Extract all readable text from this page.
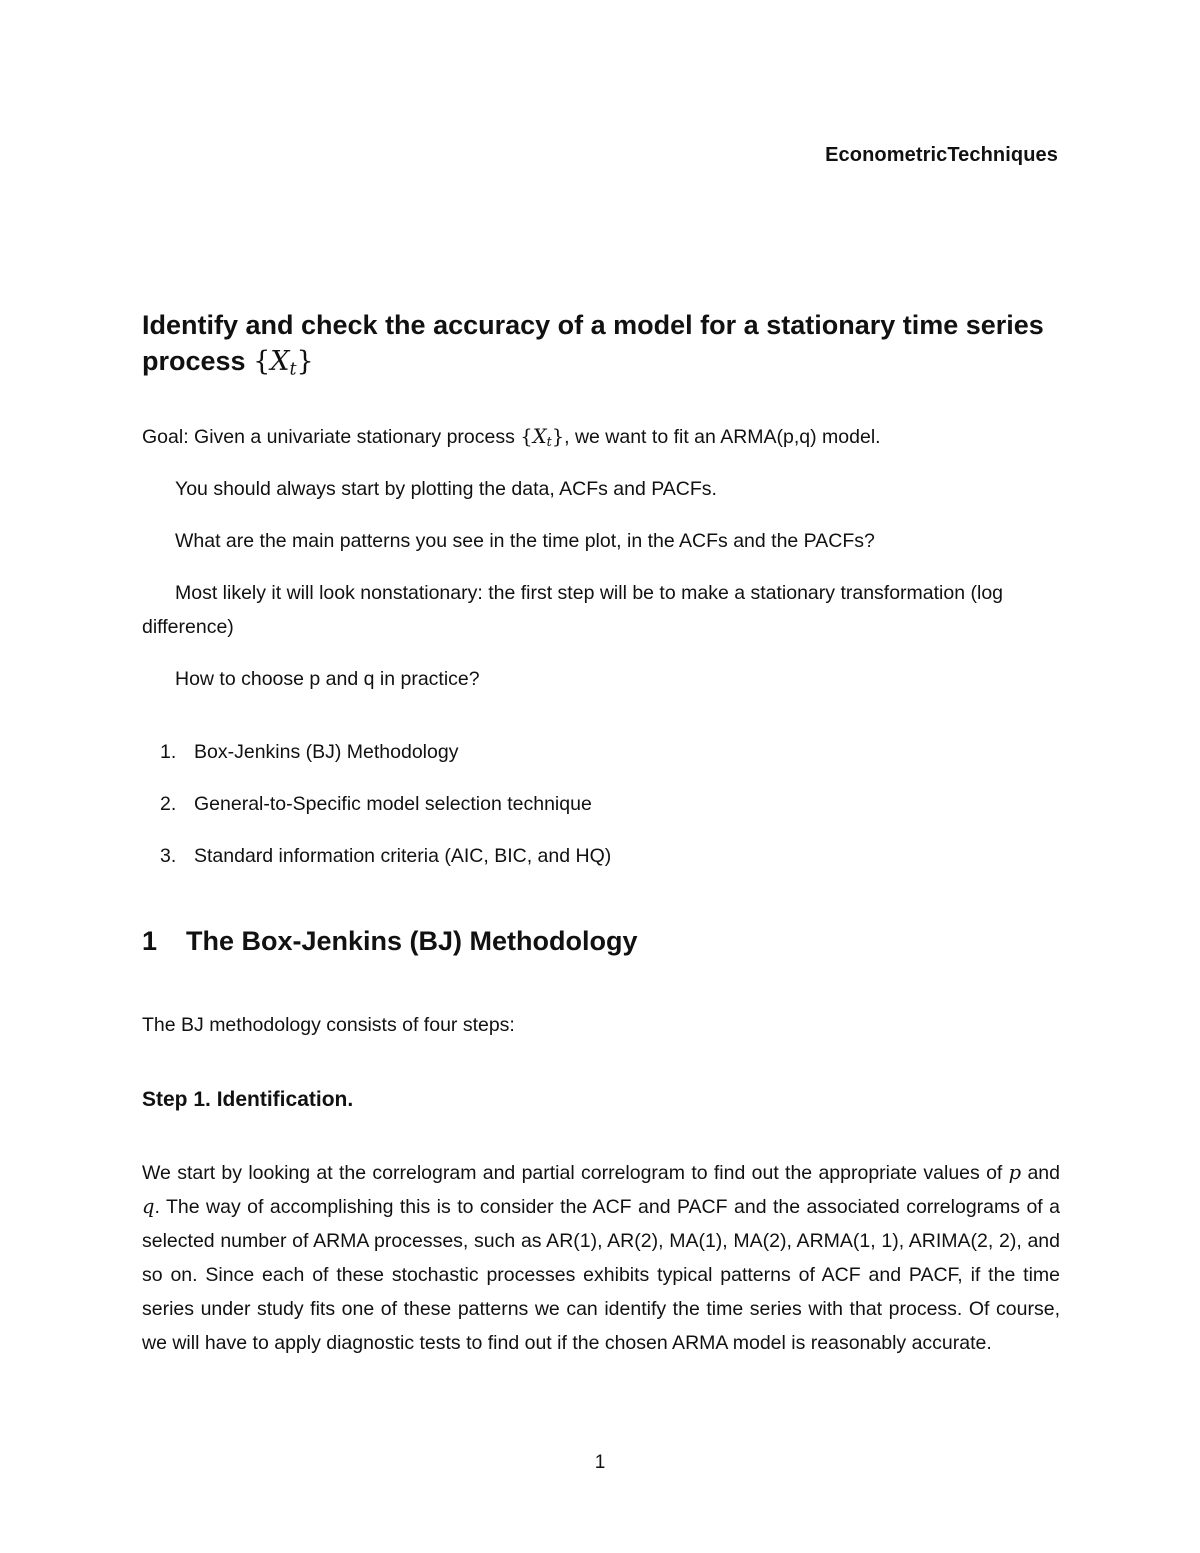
EconometricTechniques
Identify and check the accuracy of a model for a stationary time series process $\{X_t\}$

Goal: Given a univariate stationary process $\{X_t\}$, we want to fit an ARMA(p,q) model.

You should always start by plotting the data, ACFs and PACFs.

What are the main patterns you see in the time plot, in the ACFs and the PACFs?

Most likely it will look nonstationary: the first step will be to make a stationary transformation (log difference)

How to choose p and q in practice?

1. Box-Jenkins (BJ) Methodology
2. General-to-Specific model selection technique
3. Standard information criteria (AIC, BIC, and HQ)
1 The Box-Jenkins (BJ) Methodology

The BJ methodology consists of four steps:

Step 1. Identification.

We start by looking at the correlogram and partial correlogram to find out the appropriate values of p and q. The way of accomplishing this is to consider the ACF and PACF and the associated correlograms of a selected number of ARMA processes, such as AR(1), AR(2), MA(1), MA(2), ARMA(1, 1), ARIMA(2, 2), and so on. Since each of these stochastic processes exhibits typical patterns of ACF and PACF, if the time series under study fits one of these patterns we can identify the time series with that process. Of course, we will have to apply diagnostic tests to find out if the chosen ARMA model is reasonably accurate.

1
